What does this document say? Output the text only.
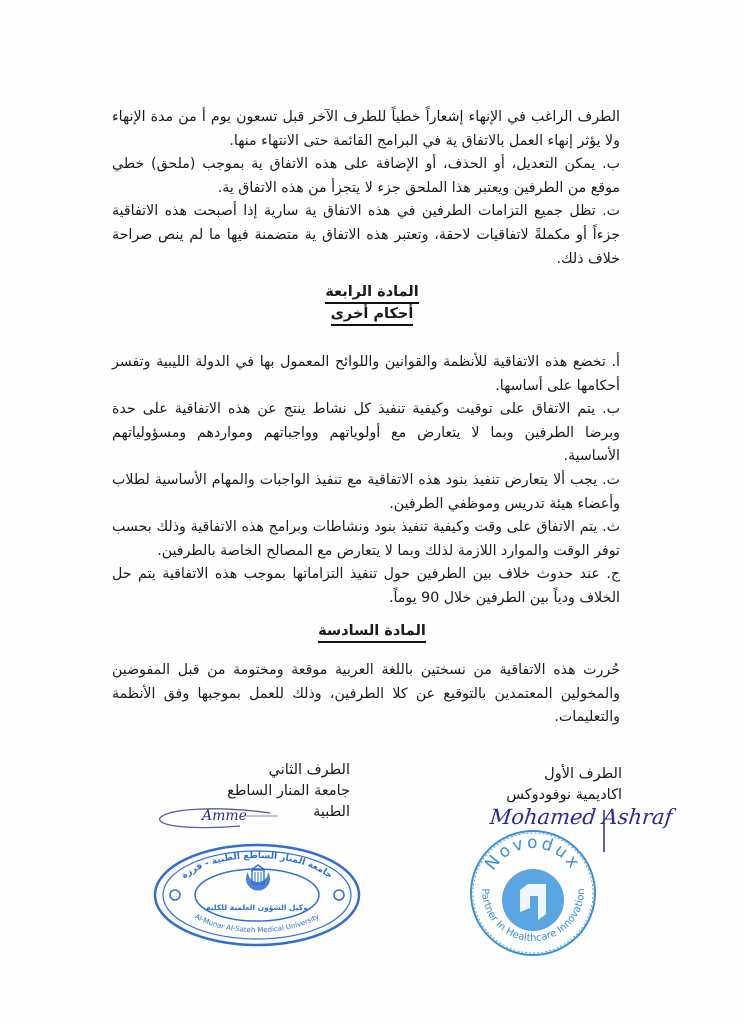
الطرف الراغب في الإنهاء إشعاراً خطياً للطرف الآخر قبل تسعون يوم أ من مدة الإنهاء ولا يؤثر إنهاء العمل بالاتفاق ية في البرامج القائمة حتى الانتهاء منها.

ب. يمكن التعديل، أو الحذف، أو الإضافة على هذه الاتفاق ية بموجب (ملحق) خطي موقع من الطرفين ويعتبر هذا الملحق جزء لا يتجزأ من هذه الاتفاق ية.

ت. تظل جميع التزامات الطرفين في هذه الاتفاق ية سارية إذا أصبحت هذه الاتفاقية جزءاً أو مكملةً لاتفاقيات لاحقة، وتعتبر هذه الاتفاق ية متضمنة فيها ما لم ينص صراحة خلاف ذلك.

المادة الرابعة
أحكام أخرى

أ. تخضع هذه الاتفاقية للأنظمة والقوانين واللوائح المعمول بها في الدولة الليبية وتفسر أحكامها على أساسها.

ب. يتم الاتفاق على توقيت وكيفية تنفيذ كل نشاط ينتج عن هذه الاتفاقية على حدة وبرضا الطرفين وبما لا يتعارض مع أولوياتهم وواجباتهم ومواردهم ومسؤولياتهم الأساسية.

ت. يجب ألا يتعارض تنفيذ بنود هذه الاتفاقية مع تنفيذ الواجبات والمهام الأساسية لطلاب وأعضاء هيئة تدريس وموظفي الطرفين.

ث. يتم الاتفاق على وقت وكيفية تنفيذ بنود ونشاطات وبرامج هذه الاتفاقية وذلك بحسب توفر الوقت والموارد اللازمة لذلك وبما لا يتعارض مع المصالح الخاصة بالطرفين.

ج. عند حدوث خلاف بين الطرفين حول تنفيذ التزاماتها بموجب هذه الاتفاقية يتم حل الخلاف ودياً بين الطرفين خلال 90 يوماً.

المادة السادسة

حُررت هذه الاتفاقية من نسختين باللغة العربية موقعة ومختومة من قبل المفوضين والمخولين المعتمدين بالتوقيع عن كلا الطرفين، وذلك للعمل بموجبها وفق الأنظمة والتعليمات.

الطرف الثاني
جامعة المنار الساطع الطبية
Amme
جامعة المنار الساطع الطبية - قرزة
Al-Munar Al-Sateh Medical University
وكيل الشؤون العلمية للكلية
الطرف الأول
اكاديمية نوفودوكس
Mohamed Ashraf
Novodux
Partner In Healthcare Innovation
